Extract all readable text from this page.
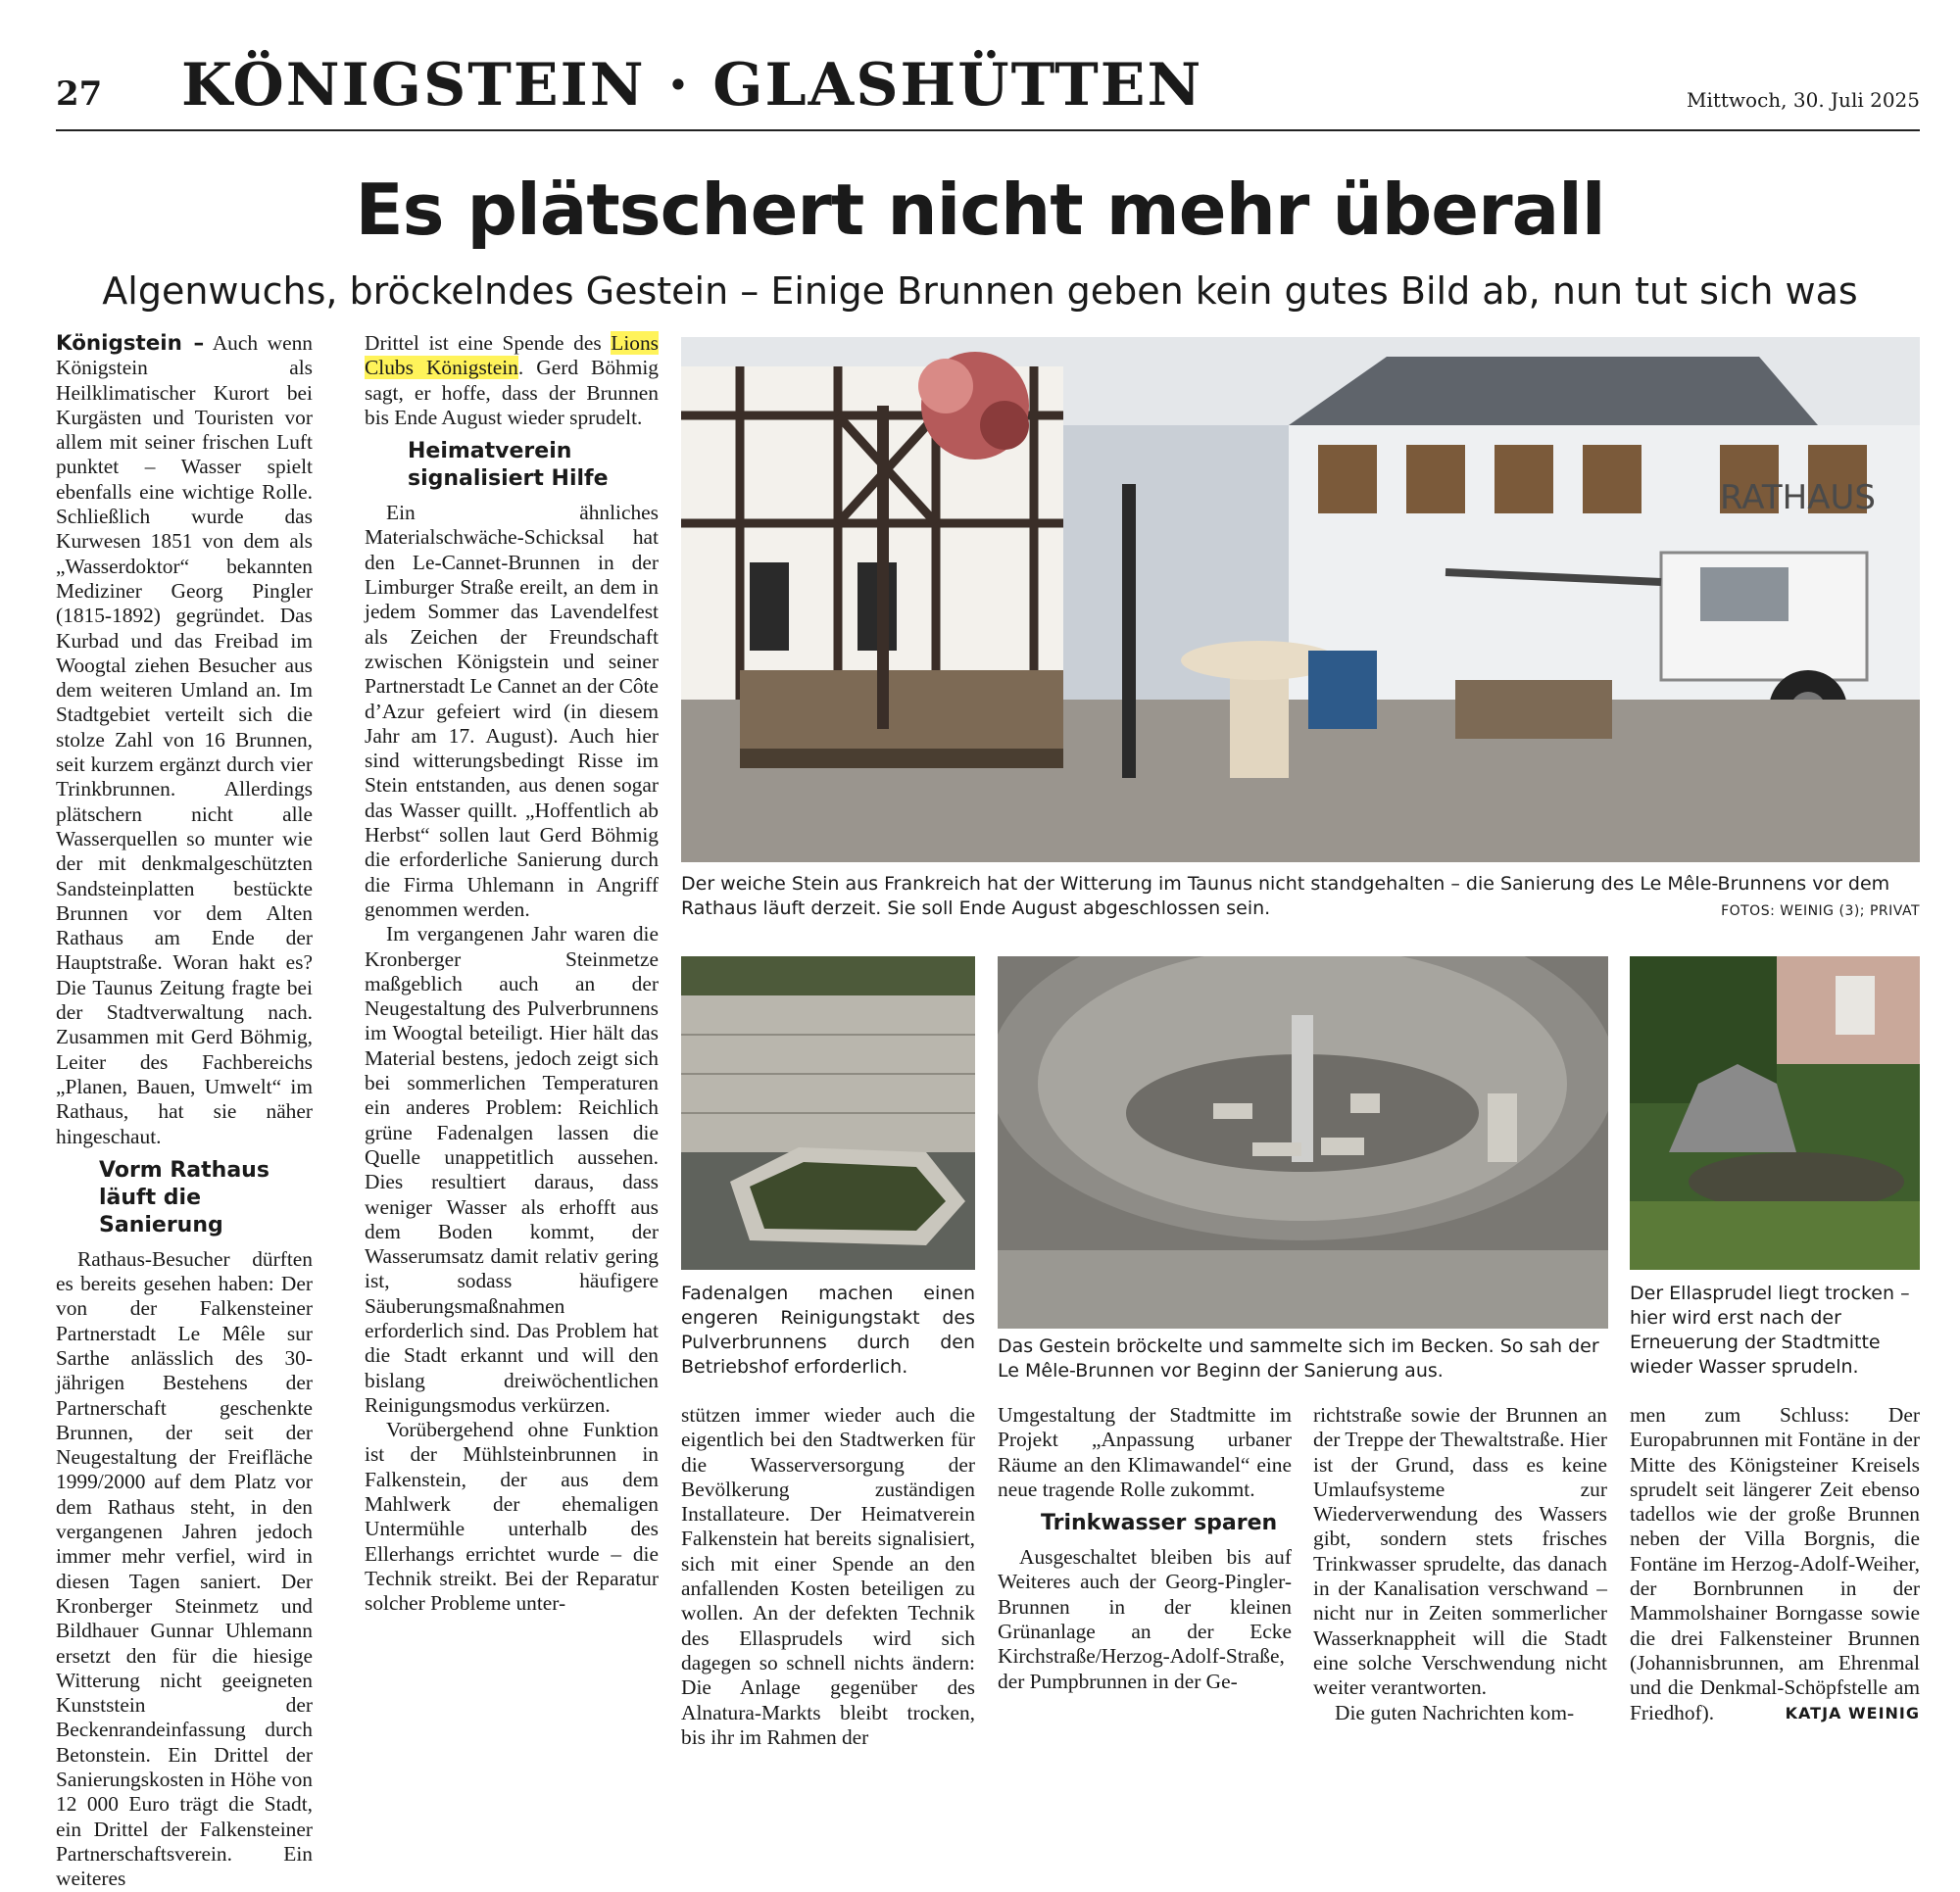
27 KÖNIGSTEIN · GLASHÜTTEN	Mittwoch, 30. Juli 2025
Es plätschert nicht mehr überall
Algenwuchs, bröckelndes Gestein – Einige Brunnen geben kein gutes Bild ab, nun tut sich was

Königstein – Auch wenn Königstein als Heilklimatischer Kurort bei Kurgästen und Touristen vor allem mit seiner frischen Luft punktet – Wasser spielt ebenfalls eine wichtige Rolle. Schließlich wurde das Kurwesen 1851 von dem als „Wasserdoktor“ bekannten Mediziner Georg Pingler (1815-1892) gegründet. Das Kurbad und das Freibad im Woogtal ziehen Besucher aus dem weiteren Umland an. Im Stadtgebiet verteilt sich die stolze Zahl von 16 Brunnen, seit kurzem ergänzt durch vier Trinkbrunnen. Allerdings plätschern nicht alle Wasserquellen so munter wie der mit denkmalgeschützten Sandsteinplatten bestückte Brunnen vor dem Alten Rathaus am Ende der Hauptstraße. Woran hakt es? Die Taunus Zeitung fragte bei der Stadtverwaltung nach. Zusammen mit Gerd Böhmig, Leiter des Fachbereichs „Planen, Bauen, Umwelt“ im Rathaus, hat sie näher hingeschaut.

Vorm Rathaus läuft die Sanierung

Rathaus-Besucher dürften es bereits gesehen haben: Der von der Falkensteiner Partnerstadt Le Mêle sur Sarthe anlässlich des 30-jährigen Bestehens der Partnerschaft geschenkte Brunnen, der seit der Neugestaltung der Freifläche 1999/2000 auf dem Platz vor dem Rathaus steht, in den vergangenen Jahren jedoch immer mehr verfiel, wird in diesen Tagen saniert. Der Kronberger Steinmetz und Bildhauer Gunnar Uhlemann ersetzt den für die hiesige Witterung nicht geeigneten Kunststein der Beckenrandeinfassung durch Betonstein. Ein Drittel der Sanierungskosten in Höhe von 12 000 Euro trägt die Stadt, ein Drittel der Falkensteiner Partnerschaftsverein. Ein weiteres

Drittel ist eine Spende des Lions Clubs Königstein. Gerd Böhmig sagt, er hoffe, dass der Brunnen bis Ende August wieder sprudelt.

Heimatverein signalisiert Hilfe

Ein ähnliches Materialschwäche-Schicksal hat den Le-Cannet-Brunnen in der Limburger Straße ereilt, an dem in jedem Sommer das Lavendelfest als Zeichen der Freundschaft zwischen Königstein und seiner Partnerstadt Le Cannet an der Côte d’Azur gefeiert wird (in diesem Jahr am 17. August). Auch hier sind witterungsbedingt Risse im Stein entstanden, aus denen sogar das Wasser quillt. „Hoffentlich ab Herbst“ sollen laut Gerd Böhmig die erforderliche Sanierung durch die Firma Uhlemann in Angriff genommen werden.

Im vergangenen Jahr waren die Kronberger Steinmetze maßgeblich auch an der Neugestaltung des Pulverbrunnens im Woogtal beteiligt. Hier hält das Material bestens, jedoch zeigt sich bei sommerlichen Temperaturen ein anderes Problem: Reichlich grüne Fadenalgen lassen die Quelle unappetitlich aussehen. Dies resultiert daraus, dass weniger Wasser als erhofft aus dem Boden kommt, der Wasserumsatz damit relativ gering ist, sodass häufigere Säuberungsmaßnahmen erforderlich sind. Das Problem hat die Stadt erkannt und will den bislang dreiwöchentlichen Reinigungsmodus verkürzen.

Vorübergehend ohne Funktion ist der Mühlsteinbrunnen in Falkenstein, der aus dem Mahlwerk der ehemaligen Untermühle unterhalb des Ellerhangs errichtet wurde – die Technik streikt. Bei der Reparatur solcher Probleme unter-

RATHAUS
Der weiche Stein aus Frankreich hat der Witterung im Taunus nicht standgehalten – die Sanierung des Le Mêle-Brunnens vor dem Rathaus läuft derzeit. Sie soll Ende August abgeschlossen sein.	FOTOS: WEINIG (3); PRIVAT
Fadenalgen machen einen engeren Reinigungstakt des Pulverbrunnens durch den Betriebshof erforderlich.
Das Gestein bröckelte und sammelte sich im Becken. So sah der Le Mêle-Brunnen vor Beginn der Sanierung aus.
Der Ellasprudel liegt trocken – hier wird erst nach der Erneuerung der Stadtmitte wieder Wasser sprudeln.

stützen immer wieder auch die eigentlich bei den Stadtwerken für die Wasserversorgung der Bevölkerung zuständigen Installateure. Der Heimatverein Falkenstein hat bereits signalisiert, sich mit einer Spende an den anfallenden Kosten beteiligen zu wollen. An der defekten Technik des Ellasprudels wird sich dagegen so schnell nichts ändern: Die Anlage gegenüber des Alnatura-Markts bleibt trocken, bis ihr im Rahmen der

Umgestaltung der Stadtmitte im Projekt „Anpassung urbaner Räume an den Klimawandel“ eine neue tragende Rolle zukommt.

Trinkwasser sparen

Ausgeschaltet bleiben bis auf Weiteres auch der Georg-Pingler-Brunnen in der kleinen Grünanlage an der Ecke Kirchstraße/Herzog-Adolf-Straße, der Pumpbrunnen in der Ge-

richtstraße sowie der Brunnen an der Treppe der Thewaltstraße. Hier ist der Grund, dass es keine Umlaufsysteme zur Wiederverwendung des Wassers gibt, sondern stets frisches Trinkwasser sprudelte, das danach in der Kanalisation verschwand – nicht nur in Zeiten sommerlicher Wasserknappheit will die Stadt eine solche Verschwendung nicht weiter verantworten.

Die guten Nachrichten kom-

men zum Schluss: Der Europabrunnen mit Fontäne in der Mitte des Königsteiner Kreisels sprudelt seit längerer Zeit ebenso tadellos wie der große Brunnen neben der Villa Borgnis, die Fontäne im Herzog-Adolf-Weiher, der Bornbrunnen in der Mammolshainer Borngasse sowie die drei Falkensteiner Brunnen (Johannisbrunnen, am Ehrenmal und die Denkmal-Schöpfstelle am Friedhof).	KATJA WEINIG
